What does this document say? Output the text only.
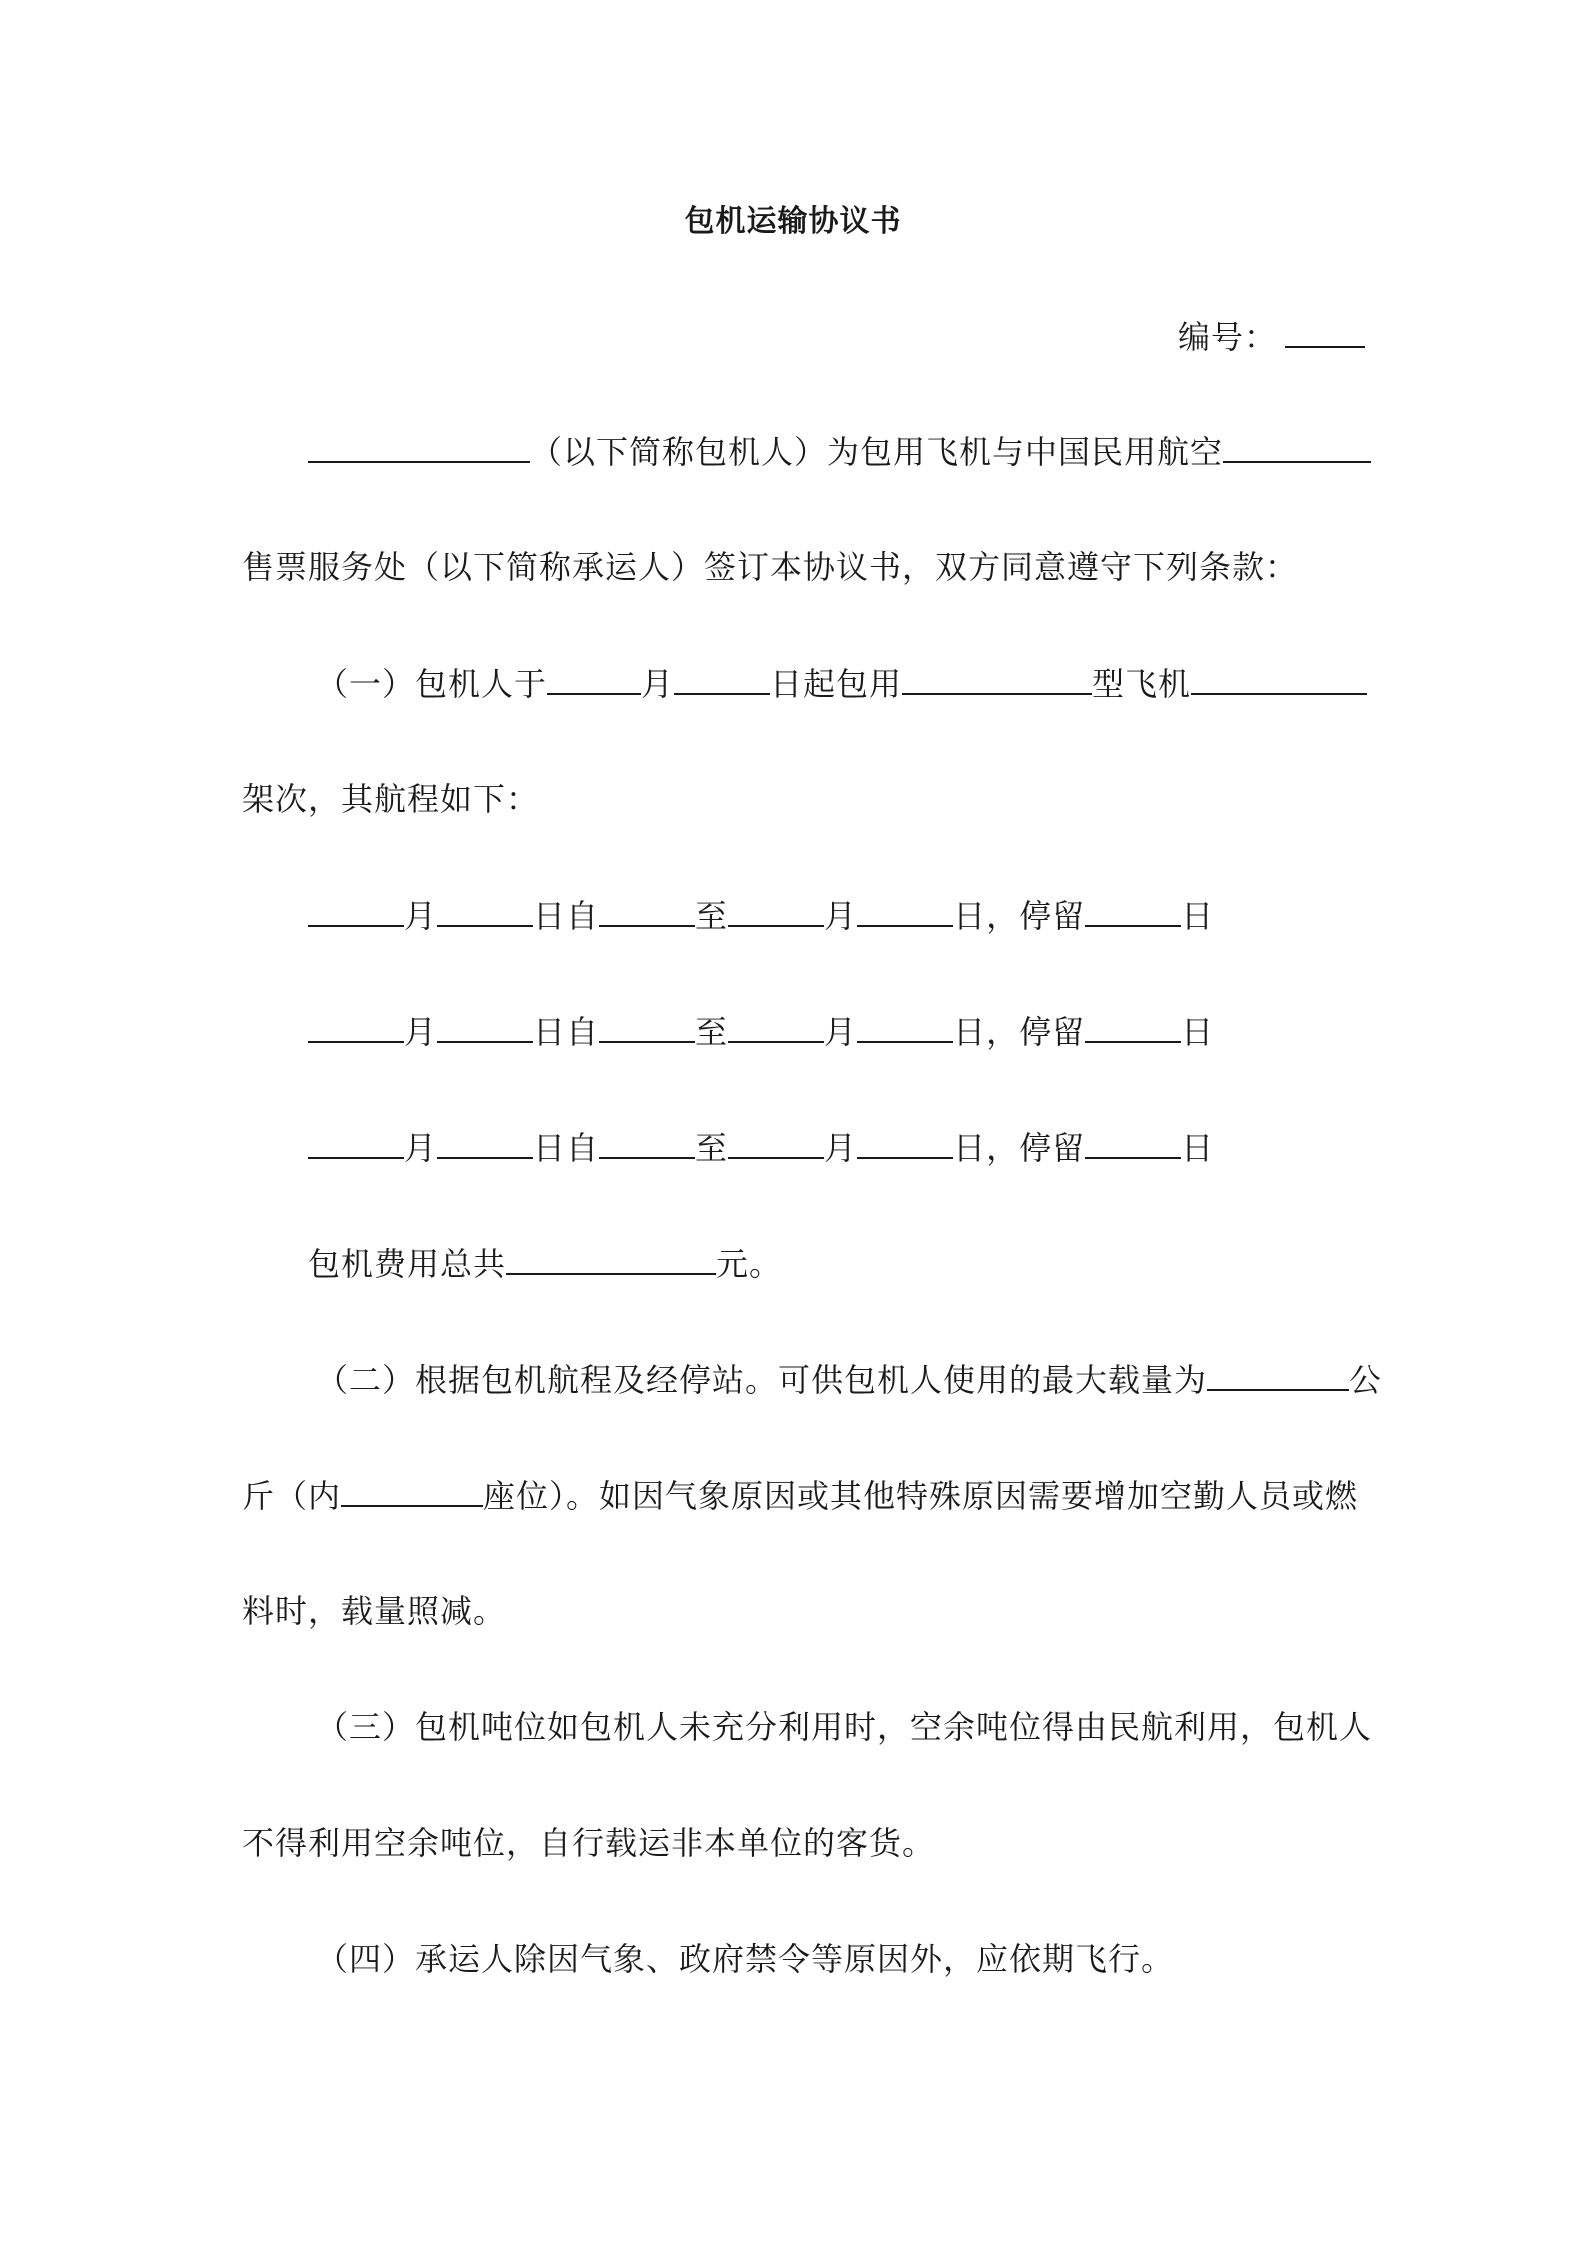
包机运输协议书
编号：
（以下简称包机人）为包用飞机与中国民用航空
售票服务处（以下简称承运人）签订本协议书，双方同意遵守下列条款：
（一）包机人于	月	日起包用	型飞机
架次，其航程如下：
月	日自	至	月	日，停留	日
月	日自	至	月	日，停留	日
月	日自	至	月	日，停留	日
包机费用总共	元。
（二）根据包机航程及经停站。可供包机人使用的最大载量为	公
斤（内	座位）。如因气象原因或其他特殊原因需要增加空勤人员或燃
料时，载量照减。
（三）包机吨位如包机人未充分利用时，空余吨位得由民航利用，包机人
不得利用空余吨位，自行载运非本单位的客货。
（四）承运人除因气象、政府禁令等原因外，应依期飞行。
